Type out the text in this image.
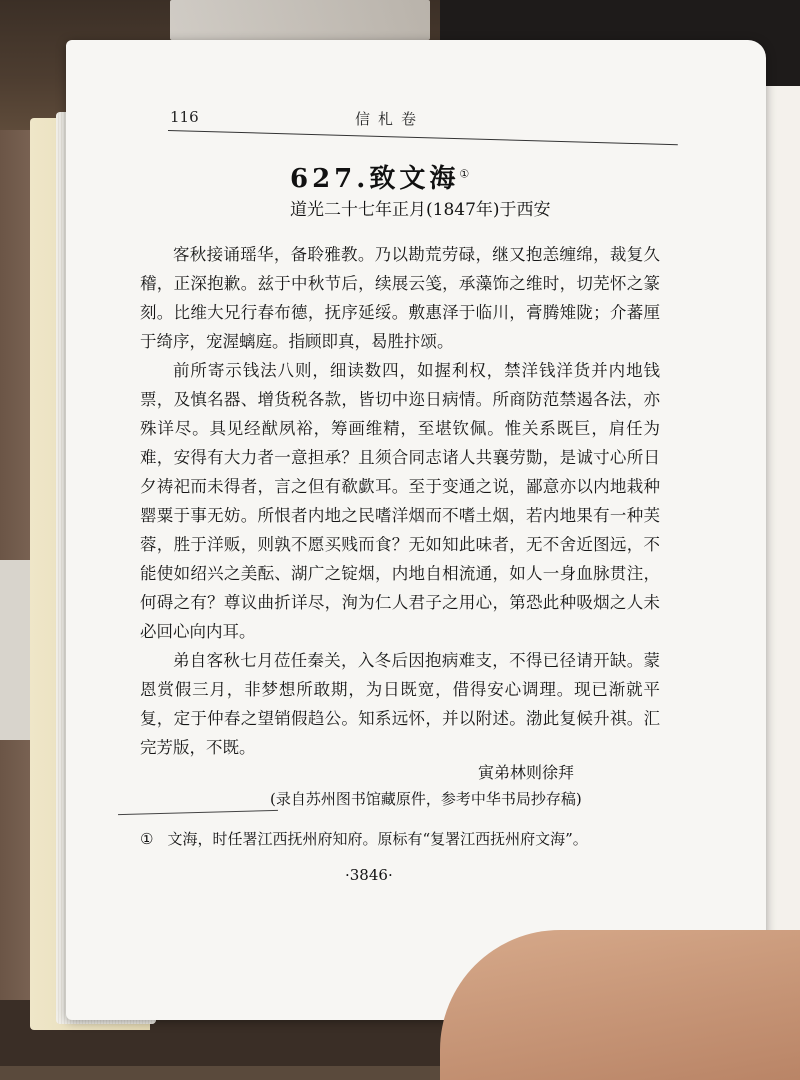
116	信札卷
627.致文海①
道光二十七年正月(1847年)于西安

客秋接诵瑶华，备聆雅教。乃以勘荒劳碌，继又抱恙缠绵，裁复久稽，正深抱歉。兹于中秋节后，续展云笺，承藻饰之维时，切芜怀之篆刻。比维大兄行春布德，抚序延绥。敷惠泽于临川，膏腾雉陇；介蕃厘于绮序，宠渥螭庭。指顾即真，曷胜抃颂。

前所寄示钱法八则，细读数四，如握利权，禁洋钱洋货并内地钱票，及慎名器、增货税各款，皆切中迩日病情。所商防范禁遏各法，亦殊详尽。具见经猷夙裕，筹画维精，至堪钦佩。惟关系既巨，肩任为难，安得有大力者一意担承？且须合同志诸人共襄劳勚，是诚寸心所日夕祷祀而未得者，言之但有欷歔耳。至于变通之说，鄙意亦以内地栽种罂粟于事无妨。所恨者内地之民嗜洋烟而不嗜土烟，若内地果有一种芙蓉，胜于洋贩，则孰不愿买贱而食？无如知此味者，无不舍近图远，不能使如绍兴之美酝、湖广之锭烟，内地自相流通，如人一身血脉贯注，何碍之有？尊议曲折详尽，洵为仁人君子之用心，第恐此种吸烟之人未必回心向内耳。

弟自客秋七月莅任秦关，入冬后因抱病难支，不得已径请开缺。蒙恩赏假三月，非梦想所敢期，为日既宽，借得安心调理。现已渐就平复，定于仲春之望销假趋公。知系远怀，并以附述。渤此复候升祺。汇完芳版，不既。

寅弟林则徐拜
(录自苏州图书馆藏原件，参考中华书局抄存稿)
① 文海，时任署江西抚州府知府。原标有“复署江西抚州府文海”。
·3846·
